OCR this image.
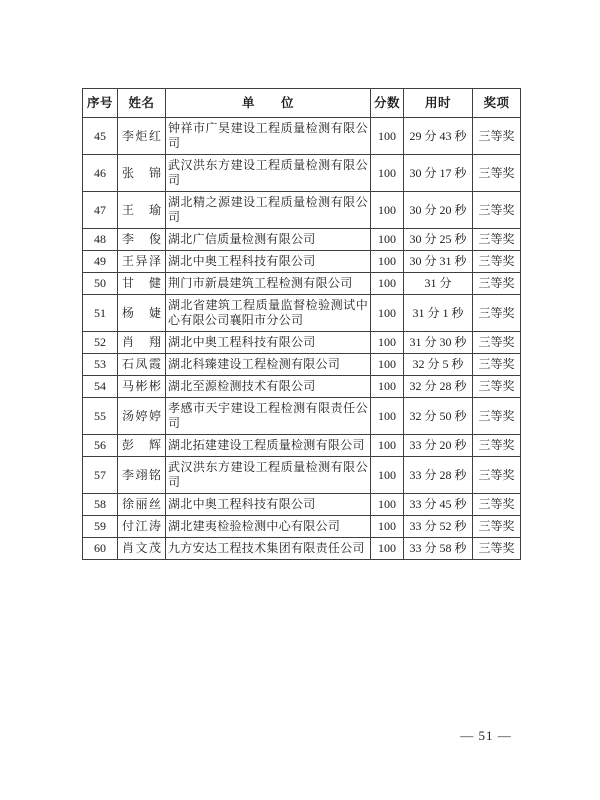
序号	姓名	单　　位	分数	用时	奖项
45	李炬红	钟祥市广昊建设工程质量检测有限公司	100	29 分 43 秒	三等奖
46	张锦	武汉洪东方建设工程质量检测有限公司	100	30 分 17 秒	三等奖
47	王瑜	湖北精之源建设工程质量检测有限公司	100	30 分 20 秒	三等奖
48	李俊	湖北广信质量检测有限公司	100	30 分 25 秒	三等奖
49	王异泽	湖北中奥工程科技有限公司	100	30 分 31 秒	三等奖
50	甘健	荆门市新晨建筑工程检测有限公司	100	31 分	三等奖
51	杨婕	湖北省建筑工程质量监督检验测试中心有限公司襄阳市分公司	100	31 分 1 秒	三等奖
52	肖翔	湖北中奥工程科技有限公司	100	31 分 30 秒	三等奖
53	石凤霞	湖北科臻建设工程检测有限公司	100	32 分 5 秒	三等奖
54	马彬彬	湖北至源检测技术有限公司	100	32 分 28 秒	三等奖
55	汤婷婷	孝感市天宇建设工程检测有限责任公司	100	32 分 50 秒	三等奖
56	彭辉	湖北拓建建设工程质量检测有限公司	100	33 分 20 秒	三等奖
57	李翊铭	武汉洪东方建设工程质量检测有限公司	100	33 分 28 秒	三等奖
58	徐丽丝	湖北中奥工程科技有限公司	100	33 分 45 秒	三等奖
59	付江涛	湖北建夷检验检测中心有限公司	100	33 分 52 秒	三等奖
60	肖文茂	九方安达工程技术集团有限责任公司	100	33 分 58 秒	三等奖
— 51 —
